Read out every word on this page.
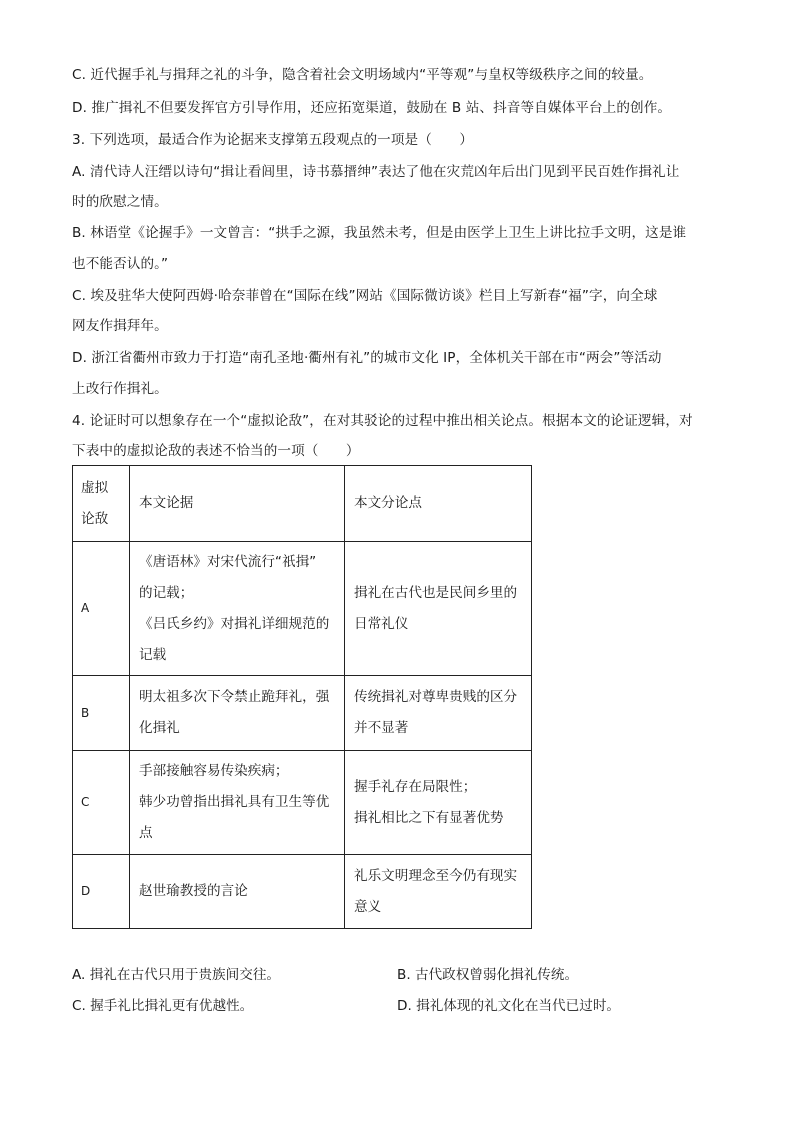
C. 近代握手礼与揖拜之礼的斗争，隐含着社会文明场域内“平等观”与皇权等级秩序之间的较量。
D. 推广揖礼不但要发挥官方引导作用，还应拓宽渠道，鼓励在 B 站、抖音等自媒体平台上的创作。
3. 下列选项，最适合作为论据来支撑第五段观点的一项是（　　）
A. 清代诗人汪缙以诗句“揖让看闾里，诗书慕搢绅”表达了他在灾荒凶年后出门见到平民百姓作揖礼让
时的欣慰之情。
B. 林语堂《论握手》一文曾言：“拱手之源，我虽然未考，但是由医学上卫生上讲比拉手文明，这是谁
也不能否认的。”
C. 埃及驻华大使阿西姆·哈奈菲曾在“国际在线”网站《国际微访谈》栏目上写新春“福”字，向全球
网友作揖拜年。
D. 浙江省衢州市致力于打造“南孔圣地·衢州有礼”的城市文化 IP，全体机关干部在市“两会”等活动
上改行作揖礼。
4. 论证时可以想象存在一个“虚拟论敌”，在对其驳论的过程中推出相关论点。根据本文的论证逻辑，对
下表中的虚拟论敌的表述不恰当的一项（　　）
虚拟
论敌	本文论据	本文分论点

A	《唐语林》对宋代流行“祇揖”
的记载；
《吕氏乡约》对揖礼详细规范的
记载	揖礼在古代也是民间乡里的
日常礼仪

B	明太祖多次下令禁止跪拜礼，强
化揖礼	传统揖礼对尊卑贵贱的区分
并不显著

C	手部接触容易传染疾病；
韩少功曾指出揖礼具有卫生等优
点	握手礼存在局限性；
揖礼相比之下有显著优势

D	赵世瑜教授的言论	礼乐文明理念至今仍有现实
意义
A. 揖礼在古代只用于贵族间交往。	B. 古代政权曾弱化揖礼传统。
C. 握手礼比揖礼更有优越性。	D. 揖礼体现的礼文化在当代已过时。
